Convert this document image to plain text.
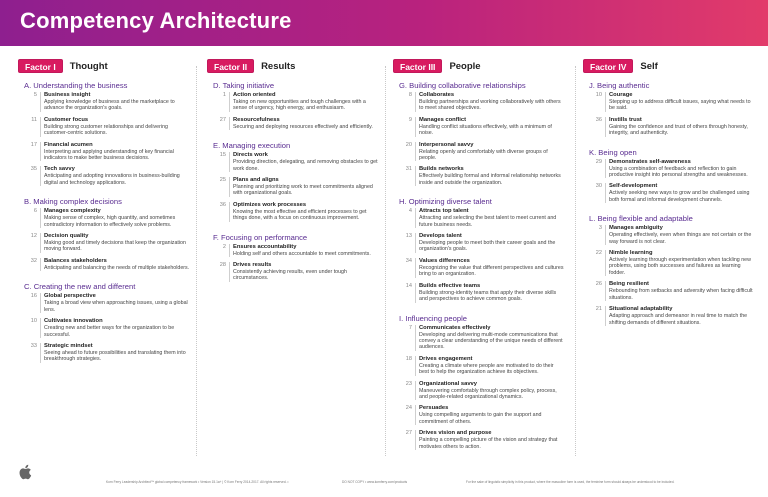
Competency Architecture
Factor I	Thought
A. Understanding the business
5	Business insight
Applying knowledge of business and the marketplace to advance the organization's goals.
11	Customer focus
Building strong customer relationships and delivering customer-centric solutions.
17	Financial acumen
Interpreting and applying understanding of key financial indicators to make better business decisions.
35	Tech savvy
Anticipating and adopting innovations in business-building digital and technology applications.
B. Making complex decisions
6	Manages complexity
Making sense of complex, high quantity, and sometimes contradictory information to effectively solve problems.
12	Decision quality
Making good and timely decisions that keep the organization moving forward.
32	Balances stakeholders
Anticipating and balancing the needs of multiple stakeholders.
C. Creating the new and different
16	Global perspective
Taking a broad view when approaching issues, using a global lens.
10	Cultivates innovation
Creating new and better ways for the organization to be successful.
33	Strategic mindset
Seeing ahead to future possibilities and translating them into breakthrough strategies.
Factor II	Results
D. Taking initiative
1	Action oriented
Taking on new opportunities and tough challenges with a sense of urgency, high energy, and enthusiasm.
27	Resourcefulness
Securing and deploying resources effectively and efficiently.
E. Managing execution
15	Directs work
Providing direction, delegating, and removing obstacles to get work done.
25	Plans and aligns
Planning and prioritizing work to meet commitments aligned with organizational goals.
36	Optimizes work processes
Knowing the most effective and efficient processes to get things done, with a focus on continuous improvement.
F. Focusing on performance
2	Ensures accountability
Holding self and others accountable to meet commitments.
28	Drives results
Consistently achieving results, even under tough circumstances.
Factor III	People
G. Building collaborative relationships
8	Collaborates
Building partnerships and working collaboratively with others to meet shared objectives.
9	Manages conflict
Handling conflict situations effectively, with a minimum of noise.
20	Interpersonal savvy
Relating openly and comfortably with diverse groups of people.
31	Builds networks
Effectively building formal and informal relationship networks inside and outside the organization.
H. Optimizing diverse talent
4	Attracts top talent
Attracting and selecting the best talent to meet current and future business needs.
13	Develops talent
Developing people to meet both their career goals and the organization's goals.
34	Values differences
Recognizing the value that different perspectives and cultures bring to an organization.
14	Builds effective teams
Building strong-identity teams that apply their diverse skills and perspectives to achieve common goals.
I. Influencing people
7	Communicates effectively
Developing and delivering multi-mode communications that convey a clear understanding of the unique needs of different audiences.
18	Drives engagement
Creating a climate where people are motivated to do their best to help the organization achieve its objectives.
23	Organizational savvy
Maneuvering comfortably through complex policy, process, and people-related organizational dynamics.
24	Persuades
Using compelling arguments to gain the support and commitment of others.
27	Drives vision and purpose
Painting a compelling picture of the vision and strategy that motivates others to action.
Factor IV	Self
J. Being authentic
10	Courage
Stepping up to address difficult issues, saying what needs to be said.
36	Instills trust
Gaining the confidence and trust of others through honesty, integrity, and authenticity.
K. Being open
29	Demonstrates self-awareness
Using a combination of feedback and reflection to gain productive insight into personal strengths and weaknesses.
30	Self-development
Actively seeking new ways to grow and be challenged using both formal and informal development channels.
L. Being flexible and adaptable
3	Manages ambiguity
Operating effectively, even when things are not certain or the way forward is not clear.
22	Nimble learning
Actively learning through experimentation when tackling new problems, using both successes and failures as learning fodder.
26	Being resilient
Rebounding from setbacks and adversity when facing difficult situations.
21	Situational adaptability
Adapting approach and demeanor in real time to match the shifting demands of different situations.
Korn Ferry Leadership Architect™ global competency framework • Version 15.1a+ | © Korn Ferry 2014-2017. All rights reserved. •	DO NOT COPY • www.kornferry.com/products	For the sake of linguistic simplicity in this product, where the masculine form is used, the feminine form should always be understood to be included.
